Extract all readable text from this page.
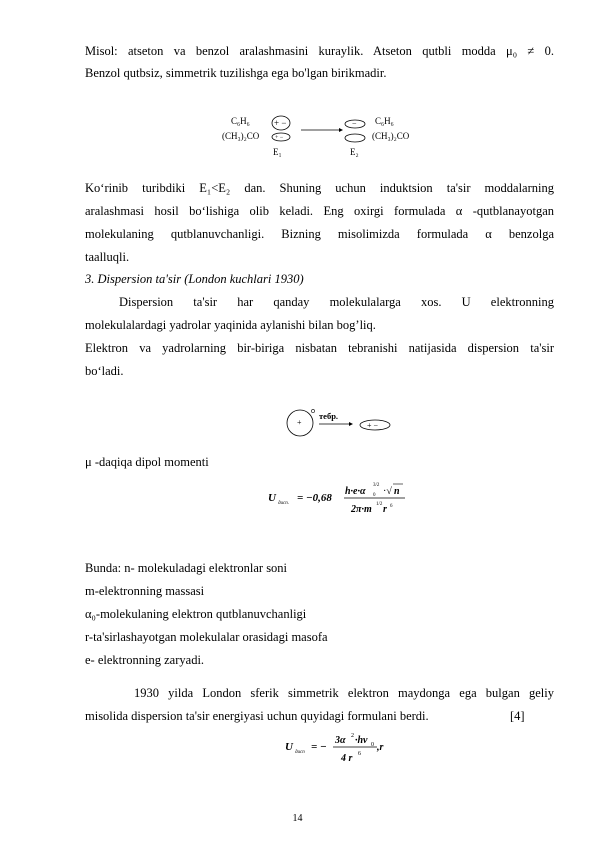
Misol: atseton va benzol aralashmasini kuraylik. Atseton qutbli modda μ₀ ≠ 0.
Benzol qutbsiz, simmetrik tuzilishga ega bo'lgan birikmadir.
C₆H₆
(CH₃)₂CO
+ −
+ −
E₁
− C₆H₆
(CH₃)₂CO
E₂
Ko‘rinib turibdiki E₁<E₂ dan. Shuning uchun induktsion ta'sir moddalarning
aralashmasi hosil bo‘lishiga olib keladi. Eng oxirgi formulada α -qutblanayotgan
molekulaning qutblanuvchanligi. Bizning misolimizda formulada α benzolga
taalluqli.
3. Dispersion ta'sir (London kuchlari 1930)
Dispersion ta'sir har qanday molekulalarga xos. U elektronning
molekulalardagi yadrolar yaqinida aylanishi bilan bog’liq.
Elektron va yadrolarning bir-biriga nisbatan tebranishi natijasida dispersion ta'sir
bo‘ladi.
+
тебр.
+ −
μ -daqiqa dipol momenti
U дисп. = −0,68
h·e·α
3/2
0 ·√ n
2π·m 1/2 r 6
Bunda: n- molekuladagi elektronlar soni
m-elektronning massasi
α₀-molekulaning elektron qutblanuvchanligi
r-ta'sirlashayotgan molekulalar orasidagi masofa
e- elektronning zaryadi.
1930 yilda London sferik simmetrik elektron maydonga ega bulgan geliy
misolida dispersion ta'sir energiyasi uchun quyidagi formulani berdi.	[4]
U дисп = −
3α 2 ·hν 0
4 r 6
,r
14
